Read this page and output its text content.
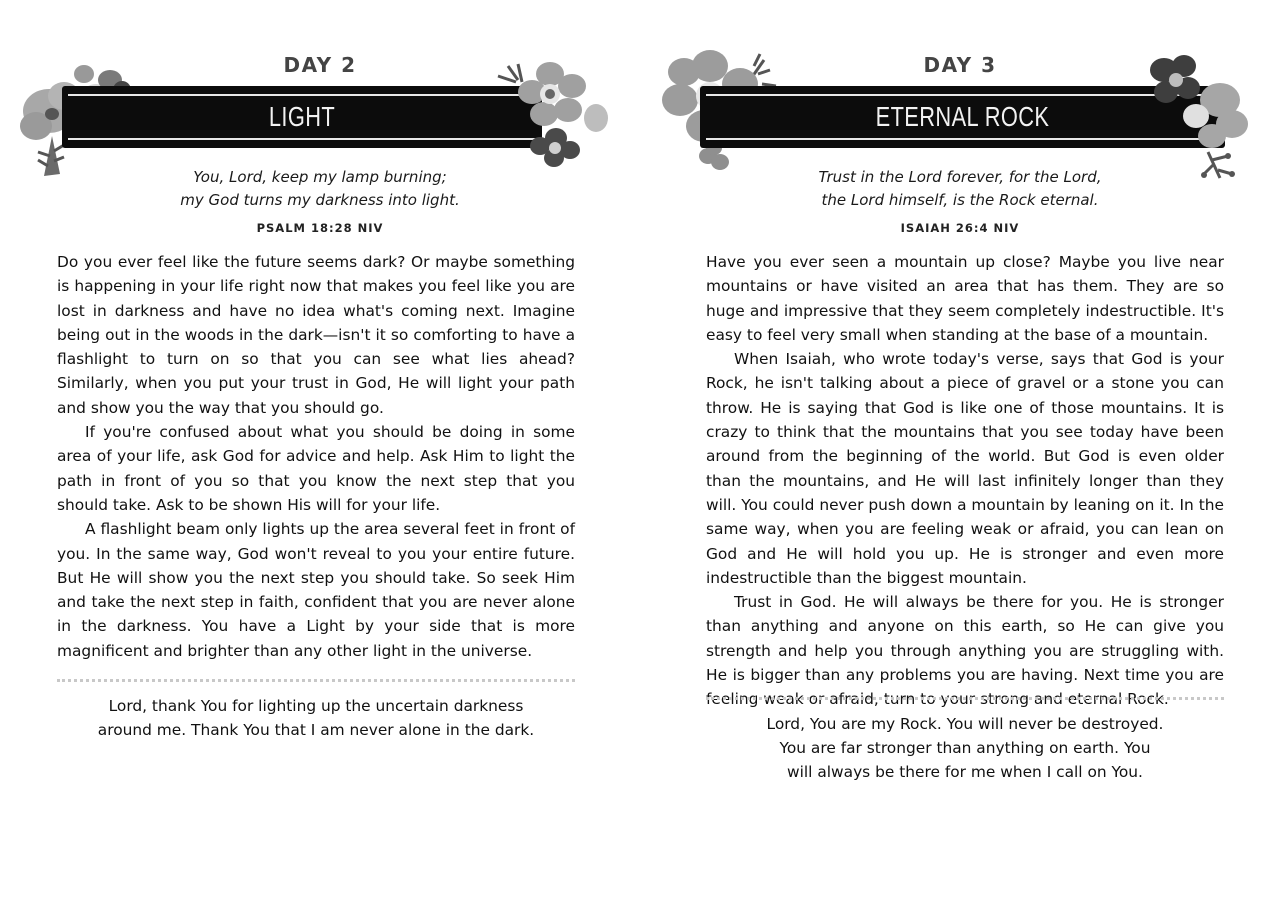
DAY 2
LIGHT
You, Lord, keep my lamp burning;
my God turns my darkness into light.
PSALM 18:28 NIV

Do you ever feel like the future seems dark? Or maybe something is happening in your life right now that makes you feel like you are lost in darkness and have no idea what's coming next. Imagine being out in the woods in the dark—isn't it so comforting to have a flashlight to turn on so that you can see what lies ahead? Similarly, when you put your trust in God, He will light your path and show you the way that you should go.

If you're confused about what you should be doing in some area of your life, ask God for advice and help. Ask Him to light the path in front of you so that you know the next step that you should take. Ask to be shown His will for your life.

A flashlight beam only lights up the area several feet in front of you. In the same way, God won't reveal to you your entire future. But He will show you the next step you should take. So seek Him and take the next step in faith, confident that you are never alone in the darkness. You have a Light by your side that is more magnificent and brighter than any other light in the universe.

Lord, thank You for lighting up the uncertain darkness
around me. Thank You that I am never alone in the dark.
DAY 3
ETERNAL ROCK
Trust in the Lord forever, for the Lord,
the Lord himself, is the Rock eternal.
ISAIAH 26:4 NIV

Have you ever seen a mountain up close? Maybe you live near mountains or have visited an area that has them. They are so huge and impressive that they seem completely indestructible. It's easy to feel very small when standing at the base of a mountain.

When Isaiah, who wrote today's verse, says that God is your Rock, he isn't talking about a piece of gravel or a stone you can throw. He is saying that God is like one of those mountains. It is crazy to think that the mountains that you see today have been around from the beginning of the world. But God is even older than the mountains, and He will last infinitely longer than they will. You could never push down a mountain by leaning on it. In the same way, when you are feeling weak or afraid, you can lean on God and He will hold you up. He is stronger and even more indestructible than the biggest mountain.

Trust in God. He will always be there for you. He is stronger than anything and anyone on this earth, so He can give you strength and help you through anything you are struggling with. He is bigger than any problems you are having. Next time you are feeling weak or afraid, turn to your strong and eternal Rock.

Lord, You are my Rock. You will never be destroyed.
You are far stronger than anything on earth. You
will always be there for me when I call on You.
